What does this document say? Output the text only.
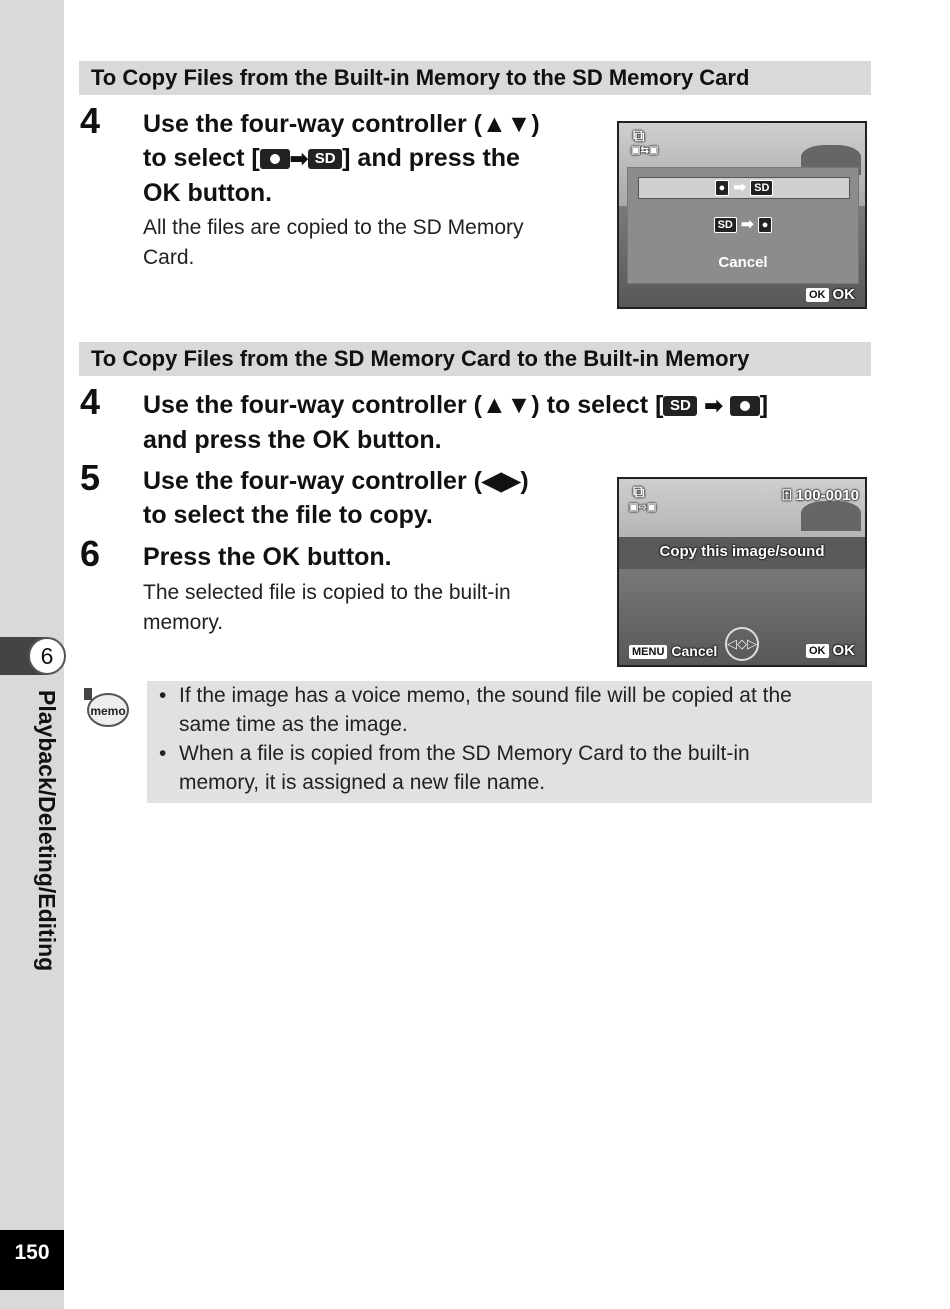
6
Playback/Deleting/Editing
150
To Copy Files from the Built-in Memory to the SD Memory Card
4 Use the four-way controller (▲▼)
to select [ ➡ SD ] and press the
OK button.
All the files are copied to the SD Memory
Card.
⧉
▣⇆▣
● ➡ SD
SD ➡ ●
Cancel
OK OK
To Copy Files from the SD Memory Card to the Built-in Memory
4 Use the four-way controller (▲▼) to select [ SD ➡ ]
and press the OK button.
5 Use the four-way controller (◀▶)
to select the file to copy.
6 Press the OK button.
The selected file is copied to the built-in
memory.
⧉
▣⇨▣
⍐ 100-0010
Copy this image/sound
MENU Cancel ◁◇▷
OK OK
memo
• If the image has a voice memo, the sound file will be copied at the
same time as the image.
• When a file is copied from the SD Memory Card to the built-in
memory, it is assigned a new file name.
